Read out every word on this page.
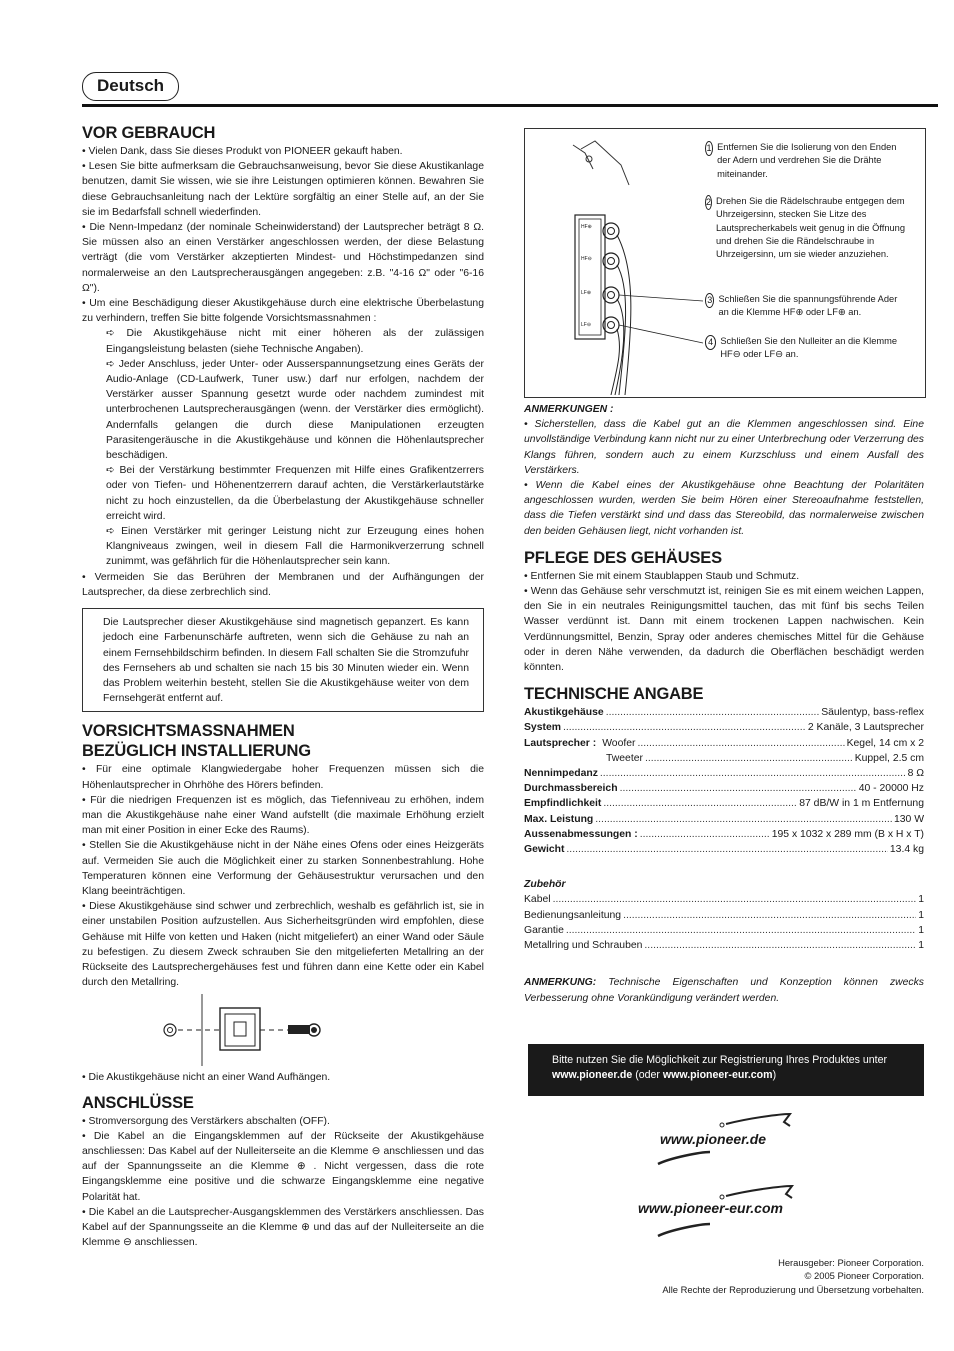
Deutsch
VOR GEBRAUCH

• Vielen Dank, dass Sie dieses Produkt von PIONEER gekauft haben.

• Lesen Sie bitte aufmerksam die Gebrauchsanweisung, bevor Sie diese Akustikanlage benutzen, damit Sie wissen, wie sie ihre Leistungen optimieren können. Bewahren Sie diese Gebrauchsanleitung nach der Lektüre sorgfältig an einer Stelle auf, an der Sie sie im Bedarfsfall schnell wiederfinden.

• Die Nenn-Impedanz (der nominale Scheinwiderstand) der Lautsprecher beträgt 8 Ω. Sie müssen also an einen Verstärker angeschlossen werden, der diese Belastung verträgt (die vom Verstärker akzeptierten Mindest- und Höchstimpedanzen sind normalerweise an den Lautsprecherausgängen angegeben: z.B. "4-16 Ω" oder "6-16 Ω").

• Um eine Beschädigung dieser Akustikgehäuse durch eine elektrische Überbelastung zu verhindern, treffen Sie bitte folgende Vorsichtsmassnahmen :

➪ Die Akustikgehäuse nicht mit einer höheren als der zulässigen Eingangsleistung belasten (siehe Technische Angaben).

➪ Jeder Anschluss, jeder Unter- oder Ausserspannungsetzung eines Geräts der Audio-Anlage (CD-Laufwerk, Tuner usw.) darf nur erfolgen, nachdem der Verstärker ausser Spannung gesetzt wurde oder nachdem zumindest mit unterbrochenen Lautsprecherausgängen (wenn. der Verstärker dies ermöglicht). Andernfalls gelangen die durch diese Manipulationen erzeugten Parasitengeräusche in die Akustikgehäuse und können die Höhenlautsprecher beschädigen.

➪ Bei der Verstärkung bestimmter Frequenzen mit Hilfe eines Grafikentzerrers oder von Tiefen- und Höhenentzerrern darauf achten, die Verstärkerlautstärke nicht zu hoch einzustellen, da die Überbelastung der Akustikgehäuse schneller erreicht wird.

➪ Einen Verstärker mit geringer Leistung nicht zur Erzeugung eines hohen Klangniveaus zwingen, weil in diesem Fall die Harmonikverzerrung schnell zunimmt, was gefährlich für die Höhenlautsprecher sein kann.

• Vermeiden Sie das Berühren der Membranen und der Aufhängungen der Lautsprecher, da diese zerbrechlich sind.

Die Lautsprecher dieser Akustikgehäuse sind magnetisch gepanzert. Es kann jedoch eine Farbenunschärfe auftreten, wenn sich die Gehäuse zu nah an einem Fernsehbildschirm befinden. In diesem Fall schalten Sie die Stromzufuhr des Fernsehers ab und schalten sie nach 15 bis 30 Minuten wieder ein. Wenn das Problem weiterhin besteht, stellen Sie die Akustikgehäuse weiter von dem Fernsehgerät entfernt auf.

VORSICHTSMASSNAHMEN
BEZÜGLICH INSTALLIERUNG

• Für eine optimale Klangwiedergabe hoher Frequenzen müssen sich die Höhenlautsprecher in Ohrhöhe des Hörers befinden.

• Für die niedrigen Frequenzen ist es möglich, das Tiefenniveau zu erhöhen, indem man die Akustikgehäuse nahe einer Wand aufstellt (die maximale Erhöhung erzielt man mit einer Position in einer Ecke des Raums).

• Stellen Sie die Akustikgehäuse nicht in der Nähe eines Ofens oder eines Heizgeräts auf. Vermeiden Sie auch die Möglichkeit einer zu starken Sonnenbestrahlung. Hohe Temperaturen können eine Verformung der Gehäusestruktur verursachen und den Klang beeinträchtigen.

• Diese Akustikgehäuse sind schwer und zerbrechlich, weshalb es gefährlich ist, sie in einer unstabilen Position aufzustellen. Aus Sicherheitsgründen wird empfohlen, diese Gehäuse mit Hilfe von ketten und Haken (nicht mitgeliefert) an einer Wand oder Säule zu befestigen. Zu diesem Zweck schrauben Sie den mitgelieferten Metallring an der Rückseite des Lautsprechergehäuses fest und führen dann eine Kette oder ein Kabel durch den Metallring.

• Die Akustikgehäuse nicht an einer Wand Aufhängen.

ANSCHLÜSSE

• Stromversorgung des Verstärkers abschalten (OFF).

• Die Kabel an die Eingangsklemmen auf der Rückseite der Akustikgehäuse anschliessen: Das Kabel auf der Nulleiterseite an die Klemme ⊖ anschliessen und das auf der Spannungsseite an die Klemme ⊕ . Nicht vergessen, dass die rote Eingangsklemme eine positive und die schwarze Eingangsklemme eine negative Polarität hat.

• Die Kabel an die Lautsprecher-Ausgangsklemmen des Verstärkers anschliessen. Das Kabel auf der Spannungsseite an die Klemme ⊕ und das auf der Nulleiterseite an die Klemme ⊖ anschliessen.

HF⊕
HF⊖
LF⊕
LF⊖
1 Entfernen Sie die Isolierung von den Enden der Adern und verdrehen Sie die Drähte miteinander.
2 Drehen Sie die Rädelschraube entgegen dem Uhrzeigersinn, stecken Sie Litze des Lautsprecherkabels weit genug in die Öffnung und drehen Sie die Rändelschraube in Uhrzeigersinn, um sie wieder anzuziehen.
3 Schließen Sie die spannungsführende Ader an die Klemme HF⊕ oder LF⊕ an.
4 Schließen Sie den Nulleiter an die Klemme HF⊖ oder LF⊖ an.
ANMERKUNGEN :

• Sicherstellen, dass die Kabel gut an die Klemmen angeschlossen sind. Eine unvollständige Verbindung kann nicht nur zu einer Unterbrechung oder Verzerrung des Klangs führen, sondern auch zu einem Kurzschluss und einem Ausfall des Verstärkers.

• Wenn die Kabel eines der Akustikgehäuse ohne Beachtung der Polaritäten angeschlossen wurden, werden Sie beim Hören einer Stereoaufnahme feststellen, dass die Tiefen verstärkt sind und dass das Stereobild, das normalerweise zwischen den beiden Gehäusen liegt, nicht vorhanden ist.

PFLEGE DES GEHÄUSES

• Entfernen Sie mit einem Staublappen Staub und Schmutz.

• Wenn das Gehäuse sehr verschmutzt ist, reinigen Sie es mit einem weichen Lappen, den Sie in ein neutrales Reinigungsmittel tauchen, das mit fünf bis sechs Teilen Wasser verdünnt ist. Dann mit einem trockenen Lappen nachwischen. Kein Verdünnungsmittel, Benzin, Spray oder anderes chemisches Mittel für die Gehäuse oder in deren Nähe verwenden, da dadurch die Oberflächen beschädigt werden könnten.

TECHNISCHE ANGABE
Akustikgehäuse .....	Säulentyp, bass-reflex
System .....	2 Kanäle, 3 Lautsprecher
Lautsprecher : Woofer .....	Kegel, 14 cm x 2
Tweeter .....	Kuppel, 2.5 cm
Nennimpedanz .....	8 Ω
Durchmassbereich .....	40 - 20000 Hz
Empfindlichkeit .....	87 dB/W in 1 m Entfernung
Max. Leistung .....	130 W
Aussenabmessungen : .....	195 x 1032 x 289 mm (B x H x T)
Gewicht .....	13.4 kg
Zubehör
Kabel .....	1
Bedienungsanleitung .....	1
Garantie .....	1
Metallring und Schrauben .....	1

ANMERKUNG: Technische Eigenschaften und Konzeption können zwecks Verbesserung ohne Vorankündigung verändert werden.

Bitte nutzen Sie die Möglichkeit zur Registrierung Ihres Produktes unter
www.pioneer.de (oder www.pioneer-eur.com)
www.pioneer.de
www.pioneer-eur.com
Herausgeber: Pioneer Corporation.
© 2005 Pioneer Corporation.
Alle Rechte der Reproduzierung und Übersetzung vorbehalten.
